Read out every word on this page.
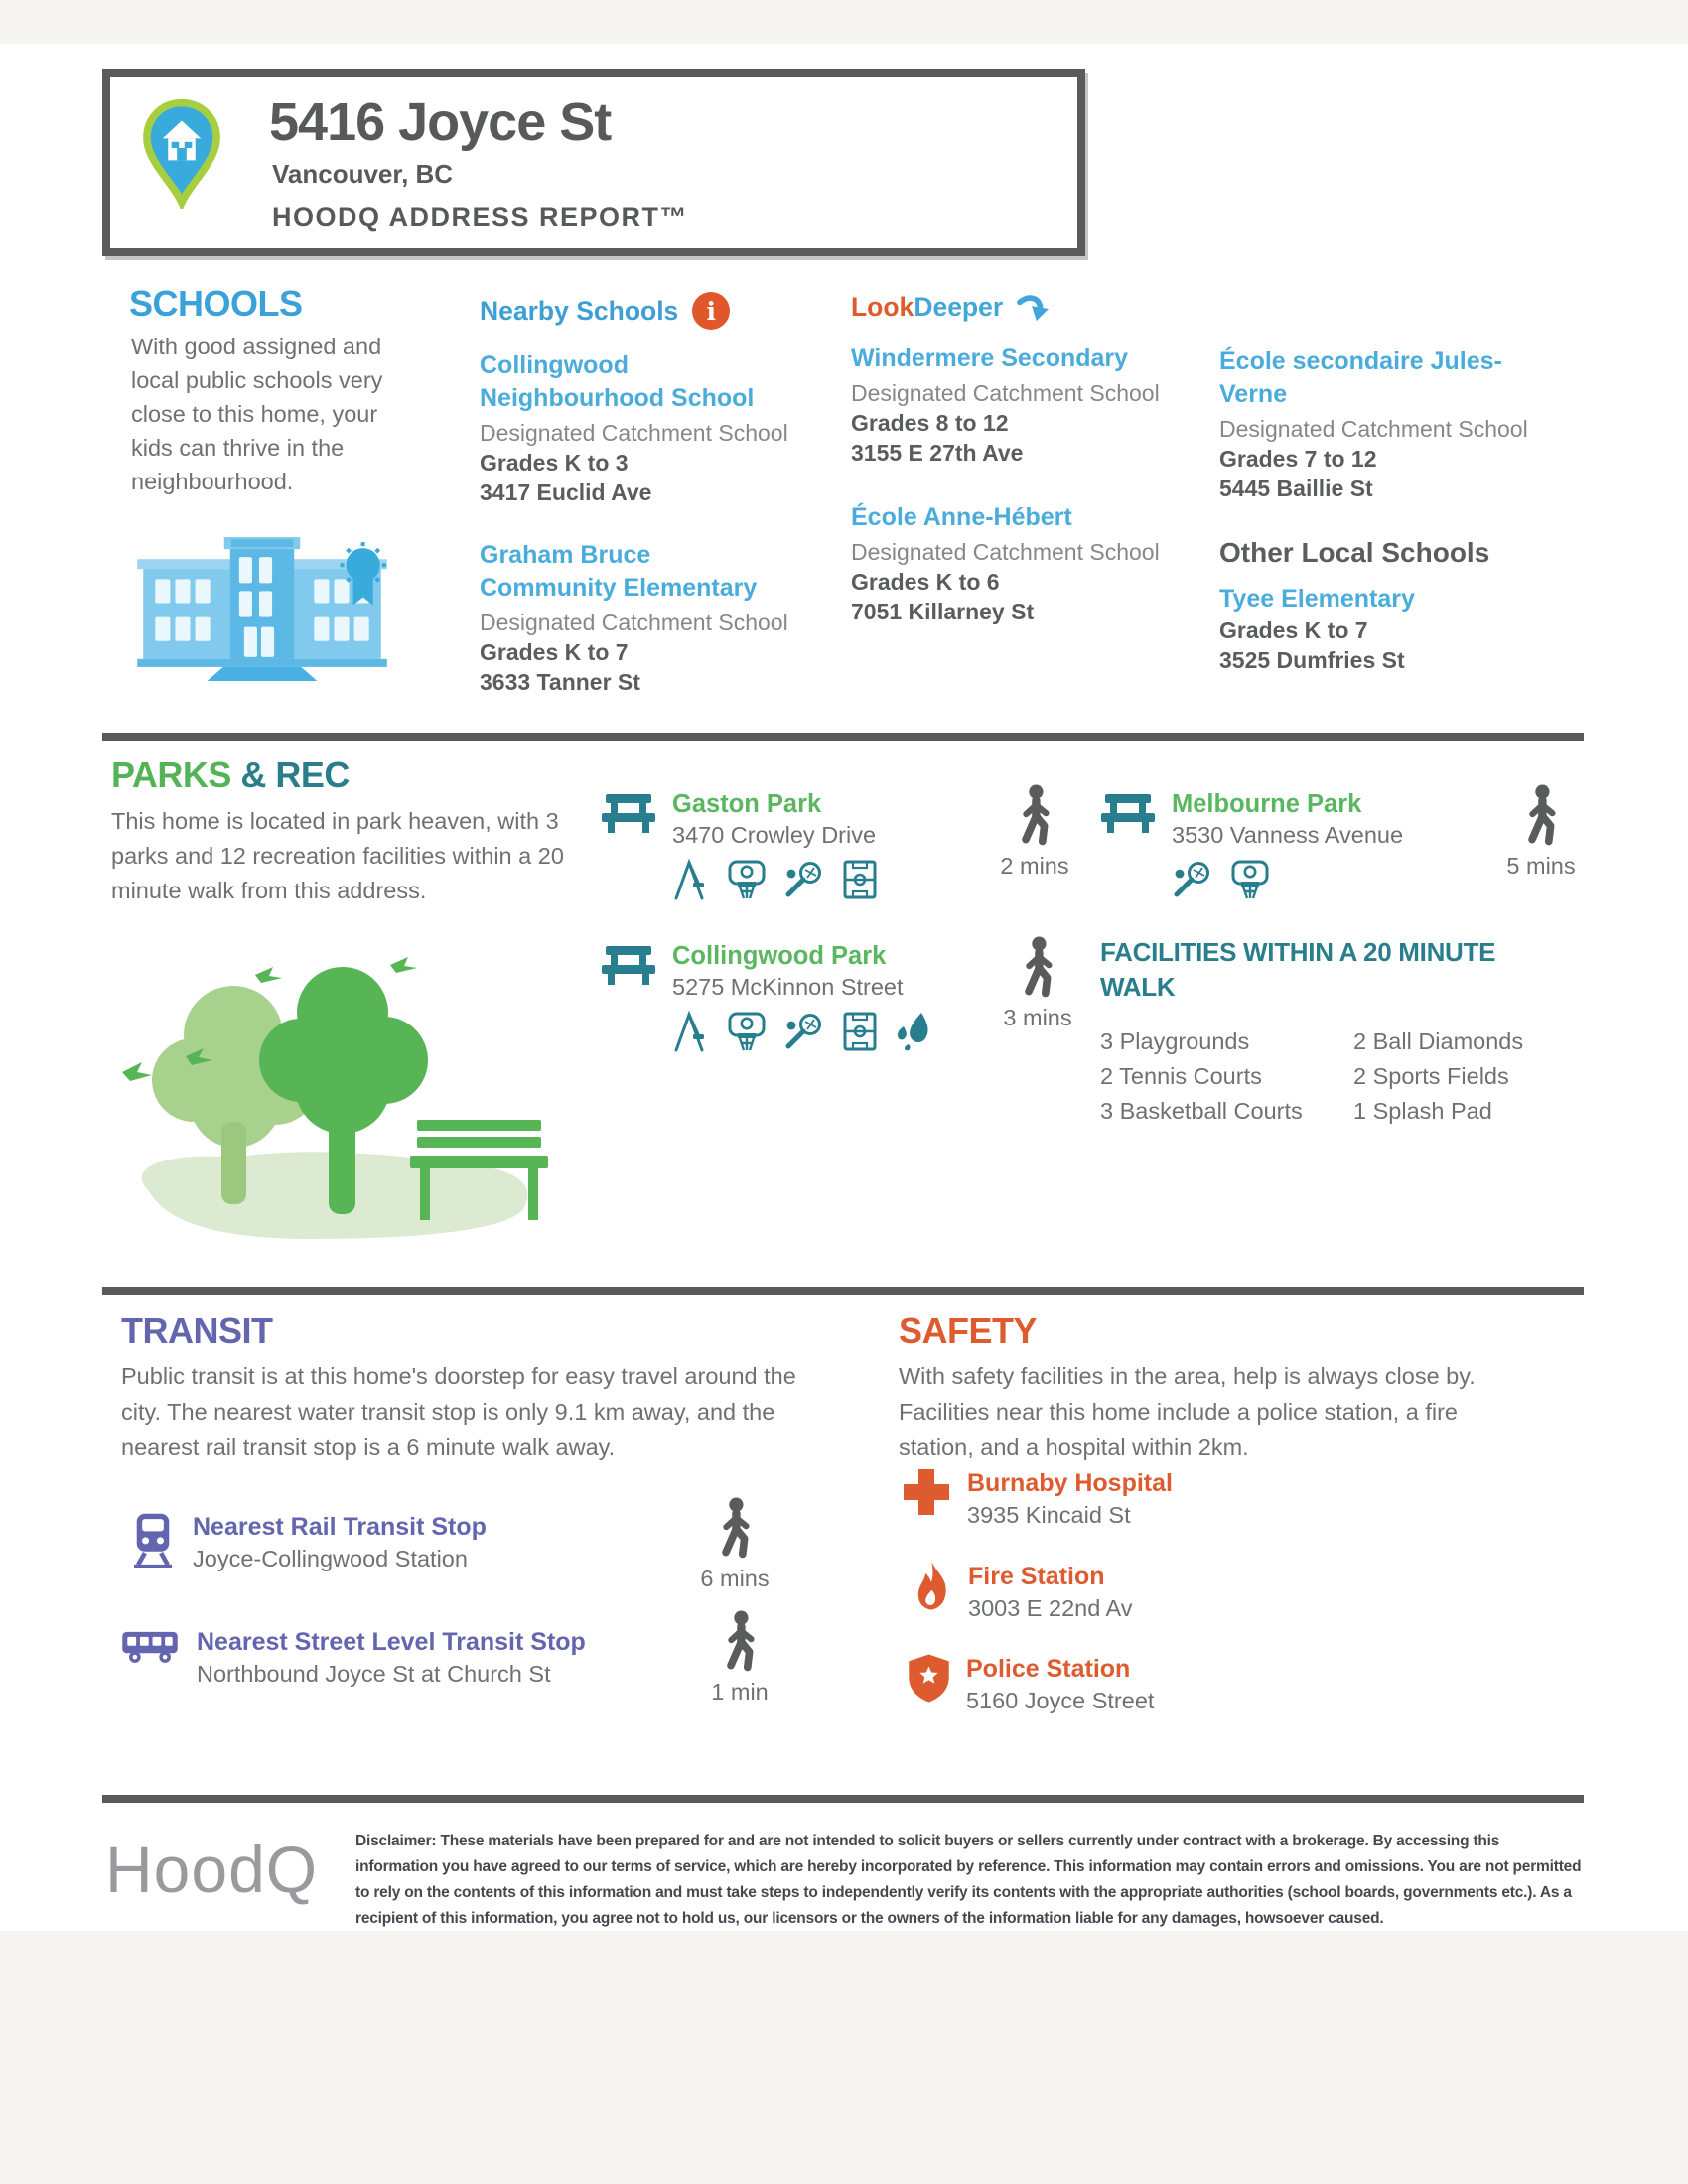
5416 Joyce St
Vancouver, BC
HOODQ ADDRESS REPORT™
SCHOOLS
With good assigned and local public schools very close to this home, your kids can thrive in the neighbourhood.
Nearby Schools	i
Collingwood Neighbourhood School
Designated Catchment School
Grades K to 3
3417 Euclid Ave
Graham Bruce Community Elementary
Designated Catchment School
Grades K to 7
3633 Tanner St
LookDeeper
Windermere Secondary
Designated Catchment School
Grades 8 to 12
3155 E 27th Ave
École Anne-Hébert
Designated Catchment School
Grades K to 6
7051 Killarney St
École secondaire Jules-Verne
Designated Catchment School
Grades 7 to 12
5445 Baillie St
Other Local Schools
Tyee Elementary
Grades K to 7
3525 Dumfries St
PARKS & REC
This home is located in park heaven, with 3 parks and 12 recreation facilities within a 20 minute walk from this address.
Gaston Park
3470 Crowley Drive
2 mins
Melbourne Park
3530 Vanness Avenue
5 mins
Collingwood Park
5275 McKinnon Street
3 mins
FACILITIES WITHIN A 20 MINUTE WALK
3 Playgrounds
2 Tennis Courts
3 Basketball Courts
2 Ball Diamonds
2 Sports Fields
1 Splash Pad
TRANSIT
Public transit is at this home's doorstep for easy travel around the city. The nearest water transit stop is only 9.1 km away, and the nearest rail transit stop is a 6 minute walk away.
Nearest Rail Transit Stop
Joyce-Collingwood Station
6 mins
Nearest Street Level Transit Stop
Northbound Joyce St at Church St
1 min
SAFETY
With safety facilities in the area, help is always close by. Facilities near this home include a police station, a fire station, and a hospital within 2km.
Burnaby Hospital
3935 Kincaid St
Fire Station
3003 E 22nd Av
Police Station
5160 Joyce Street
HoodQ Disclaimer: These materials have been prepared for and are not intended to solicit buyers or sellers currently under contract with a brokerage. By accessing this information you have agreed to our terms of service, which are hereby incorporated by reference. This information may contain errors and omissions. You are not permitted to rely on the contents of this information and must take steps to independently verify its contents with the appropriate authorities (school boards, governments etc.). As a recipient of this information, you agree not to hold us, our licensors or the owners of the information liable for any damages, howsoever caused.
